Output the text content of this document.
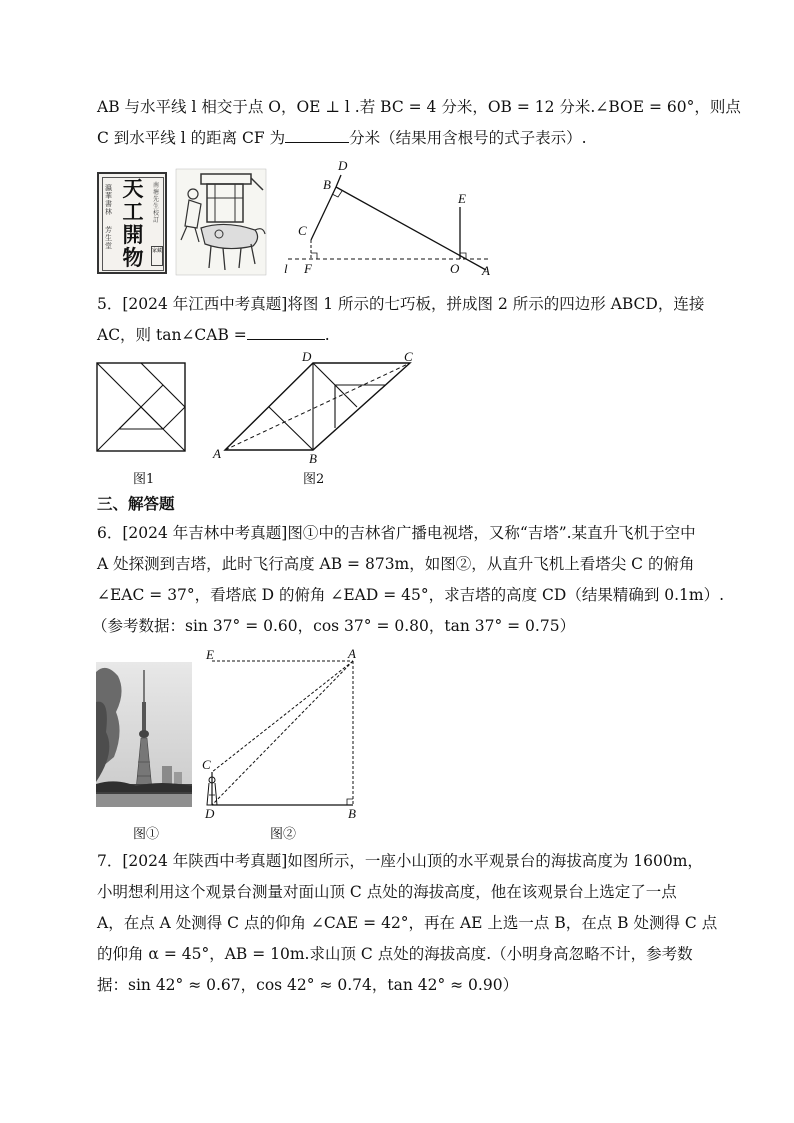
AB 与水平线 l 相交于点 O，OE ⊥ l .若 BC = 4 分米，OB = 12 分米.∠BOE = 60°，则点
C 到水平线 l 的距离 CF 为	分米（结果用含根号的式子表示）.
瀛華書林
芳生堂
天工開物
南塘先生校訂
家藏
D
B
E
C
l F	O A
5．[2024 年江西中考真题]将图 1 所示的七巧板，拼成图 2 所示的四边形 ABCD，连接
AC，则 tan∠CAB =	.
图1
D	C
A	B
图2
三、解答题
6．[2024 年吉林中考真题]图①中的吉林省广播电视塔，又称“吉塔”.某直升飞机于空中
A 处探测到吉塔，此时飞行高度 AB = 873m，如图②，从直升飞机上看塔尖 C 的俯角
∠EAC = 37°，看塔底 D 的俯角 ∠EAD = 45°，求吉塔的高度 CD（结果精确到 0.1m）.
（参考数据：sin 37° = 0.60，cos 37° = 0.80，tan 37° = 0.75）
图①
E	A
C
D	B
图②
7．[2024 年陕西中考真题]如图所示，一座小山顶的水平观景台的海拔高度为 1600m，
小明想利用这个观景台测量对面山顶 C 点处的海拔高度，他在该观景台上选定了一点
A，在点 A 处测得 C 点的仰角 ∠CAE = 42°，再在 AE 上选一点 B，在点 B 处测得 C 点
的仰角 α = 45°，AB = 10m.求山顶 C 点处的海拔高度.（小明身高忽略不计，参考数
据：sin 42° ≈ 0.67，cos 42° ≈ 0.74，tan 42° ≈ 0.90）
